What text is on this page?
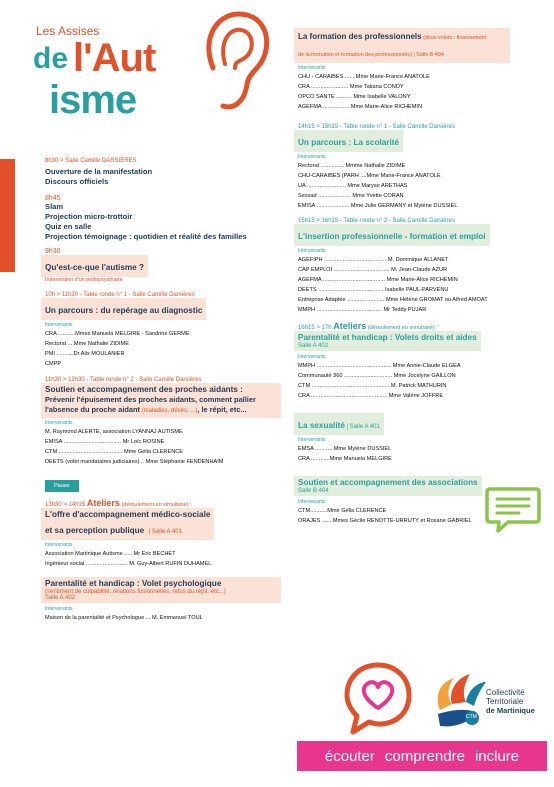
Les Assises
de l'Aut
isme
8h30 > Salle Camille DARSIÈRES
Ouverture de la manifestation
Discours officiels
8h45
Slam
Projection micro-trottoir
Quiz en salle
Projection témoignage : quotidien et réalité des familles
9h30
Qu'est-ce-que l'autisme ?
Intervention d'un pédopsychiatre
10h > 11h30 - Table ronde n° 1 - Salle Camille Darsières
Un parcours : du repérage au diagnostic
Intervenants
CRA ...........Mmes Manuela MELGIRE - Sandrine GERME
Rectorat ....Mme Nathalie ZIDIME
PMI ...........Dr Alix MOULANIER
CMPP
11h30 > 12h30 - Table ronde n° 2 - Salle Camille Darsières
Soutien et accompagnement des proches aidants :
Prévenir l'épuisement des proches aidants, comment pallier
l'absence du proche aidant (maladies, décès, ...), le répit, etc...
Intervenants
M. Raymond ALERTE, association LYANNAJ AUTISME
EMISA ..................................... Mr Loïc ROSINE
CTM ......................................... Mme Gélia CLERENCE
DEETS (volet mandataires judiciaires) .. Mme Stéphanie FENDENHAIM
Pause
13h30 > 14h15 Ateliers (déroulement en simultané) :
L'offre d'accompagnement médico-sociale
et sa perception publique | Salle A 401
Intervenants
Association Martinique Autisme ..... Mr Eric BECHET
Ingénieur social ........................... M. Guy-Albert RUFIN DUHAMEL
Parentalité et handicap : Volet psychologique
(sentiment de culpabilité, relations fusionnelles, refus du répit, etc...)
Salle A 402
Intervenants
Maison de la parentalité et Psychologue ... M. Emmanuel TOUL
La formation des professionnels (deux volets : financement
de la formation et formation des professionnels) | Salle B 404
Intervenants
CHU - CARAIBES ...... Mme Marie-France ANATOLE
CRA ........................ Mme Tatiana CONDY
OPCO SANTE .......... Mme Isabelle VALONY
AGEFMA ................. Mme Marie-Alice RICHEMIN
14h15 > 15h15 - Table ronde n° 1 - Salle Camille Darsières
Un parcours : La scolarité
Intervenants
Rectorat ............... Mmme Nathalie ZIDIME
CHU-CARAIBES (PARH ....Mme Marie-France ANATOLE
UA ......................... Mme Maryse ARETHAS
Sessad ..................... Mme Yvette CORAN
EMISA ..................... Mme Julie GERMANY et Mylène DUSSIEL
15h15 > 16h15 - Table ronde n° 2 - Salle Camille Darsières
L'insertion professionnelle - formation et emploi
Intervenants
AGEFIPH ........................................ M. Dominique ALLANET
CAP EMPLOI .................................... M. Jean-Claude AZUR
AGEFMA ........................................ Mme Marie-Alice RICHEMIN
DEETS .......................................... Isabelle PAUL-PARVENU
Entreprise Adaptée ........................ Mme Hélène GROMAT ou Alfred AMOAT
MMPH .......................................... Mr Teddy PUJAR
16h15 > 17h Ateliers (déroulement en simultané) :
Parentalité et handicap : Volets droits et aides
Salle A 402
Intervenants
MMPH ................................................ Mme Annie-Claude ELGEA
Communauté 360 ............................... Mme Jocelyne GAILLON
CTM .................................................. M. Patrick MATHURIN
CRA ................................................. Mme Valérie JOFFRE
La sexualité | Salle A 401
Intervenants
EMSA ............Mme Mylène DUSSIEL
CRA ............Mme Manuela MELGIRE
Soutien et accompagnement des associations
Salle B 404
Intervenants
CTM...........Mme Gélia CLERENCE
ORAJES .......Mmes Gécile RENOTTE-URRUTY et Roxane GABRIEL
CTM
Collectivité
Territoriale
de Martinique
écouter comprendre inclure
